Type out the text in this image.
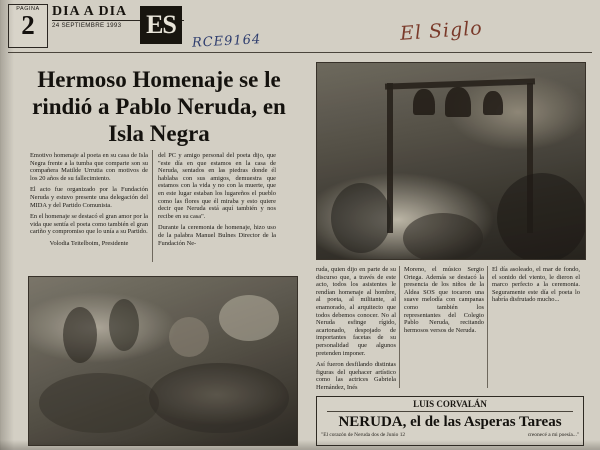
PAGINA
2 DIA A DIA
24 SEPTIEMBRE 1993 ES
RCE9164	El Siglo
Hermoso Homenaje se le rindió a Pablo Neruda, en Isla Negra

Emotivo homenaje al poeta en su casa de Isla Negra frente a la tumba que comparte son su compañera Matilde Urrutia con motivos de los 20 años de su fallecimiento.

El acto fue organizado por la Fundación Neruda y estuvo presente una delegación del MIDA y del Partido Comunista.

En el homenaje se destacó el gran amor por la vida que sentía el poeta como también el gran cariño y compromiso que lo unía a su Partido.

Volodia Teitelboim, Presidente

del PC y amigo personal del poeta dijo, que "este día en que estamos en la casa de Neruda, sentados en las piedras donde él hablaba con sus amigos, demuestra que estamos con la vida y no con la muerte, que en este lugar estaban los lugareños el pueblo como las flores que él miraba y esto quiere decir que Neruda está aquí también y nos recibe en su casa".

Durante la ceremonia de homenaje, hizo uso de la palabra Manuel Bulnes Director de la Fundación Ne-

ruda, quien dijo en parte de su discurso que, a través de este acto, todos los asistentes le rendían homenaje al hombre, al poeta, al militante, al enamorado, al arquitecto que todos debemos conocer. No al Neruda esfinge rígido, acartonado, despojado de importantes facetas de su personalidad que algunos pretenden imponer.

Así fueron desfilando distintas figuras del quehacer artístico como las actrices Gabriela Hernández, Inés

Moreno, el músico Sergio Ortega. Además se destacó la presencia de los niños de la Aldea SOS que tocaron una suave melodía con campanas como también los representantes del Colegio Pablo Neruda, recitando hermosos versos de Neruda.

El día asoleado, el mar de fondo, el sonido del viento, le dieron el marco perfecto a la ceremonia. Seguramente este día el poeta lo habría disfrutado mucho...

LUIS CORVALÁN
NERUDA, el de las Asperas Tareas
"El corazón de Neruda dos de Junio 12	creonecé a mi poesía..."
